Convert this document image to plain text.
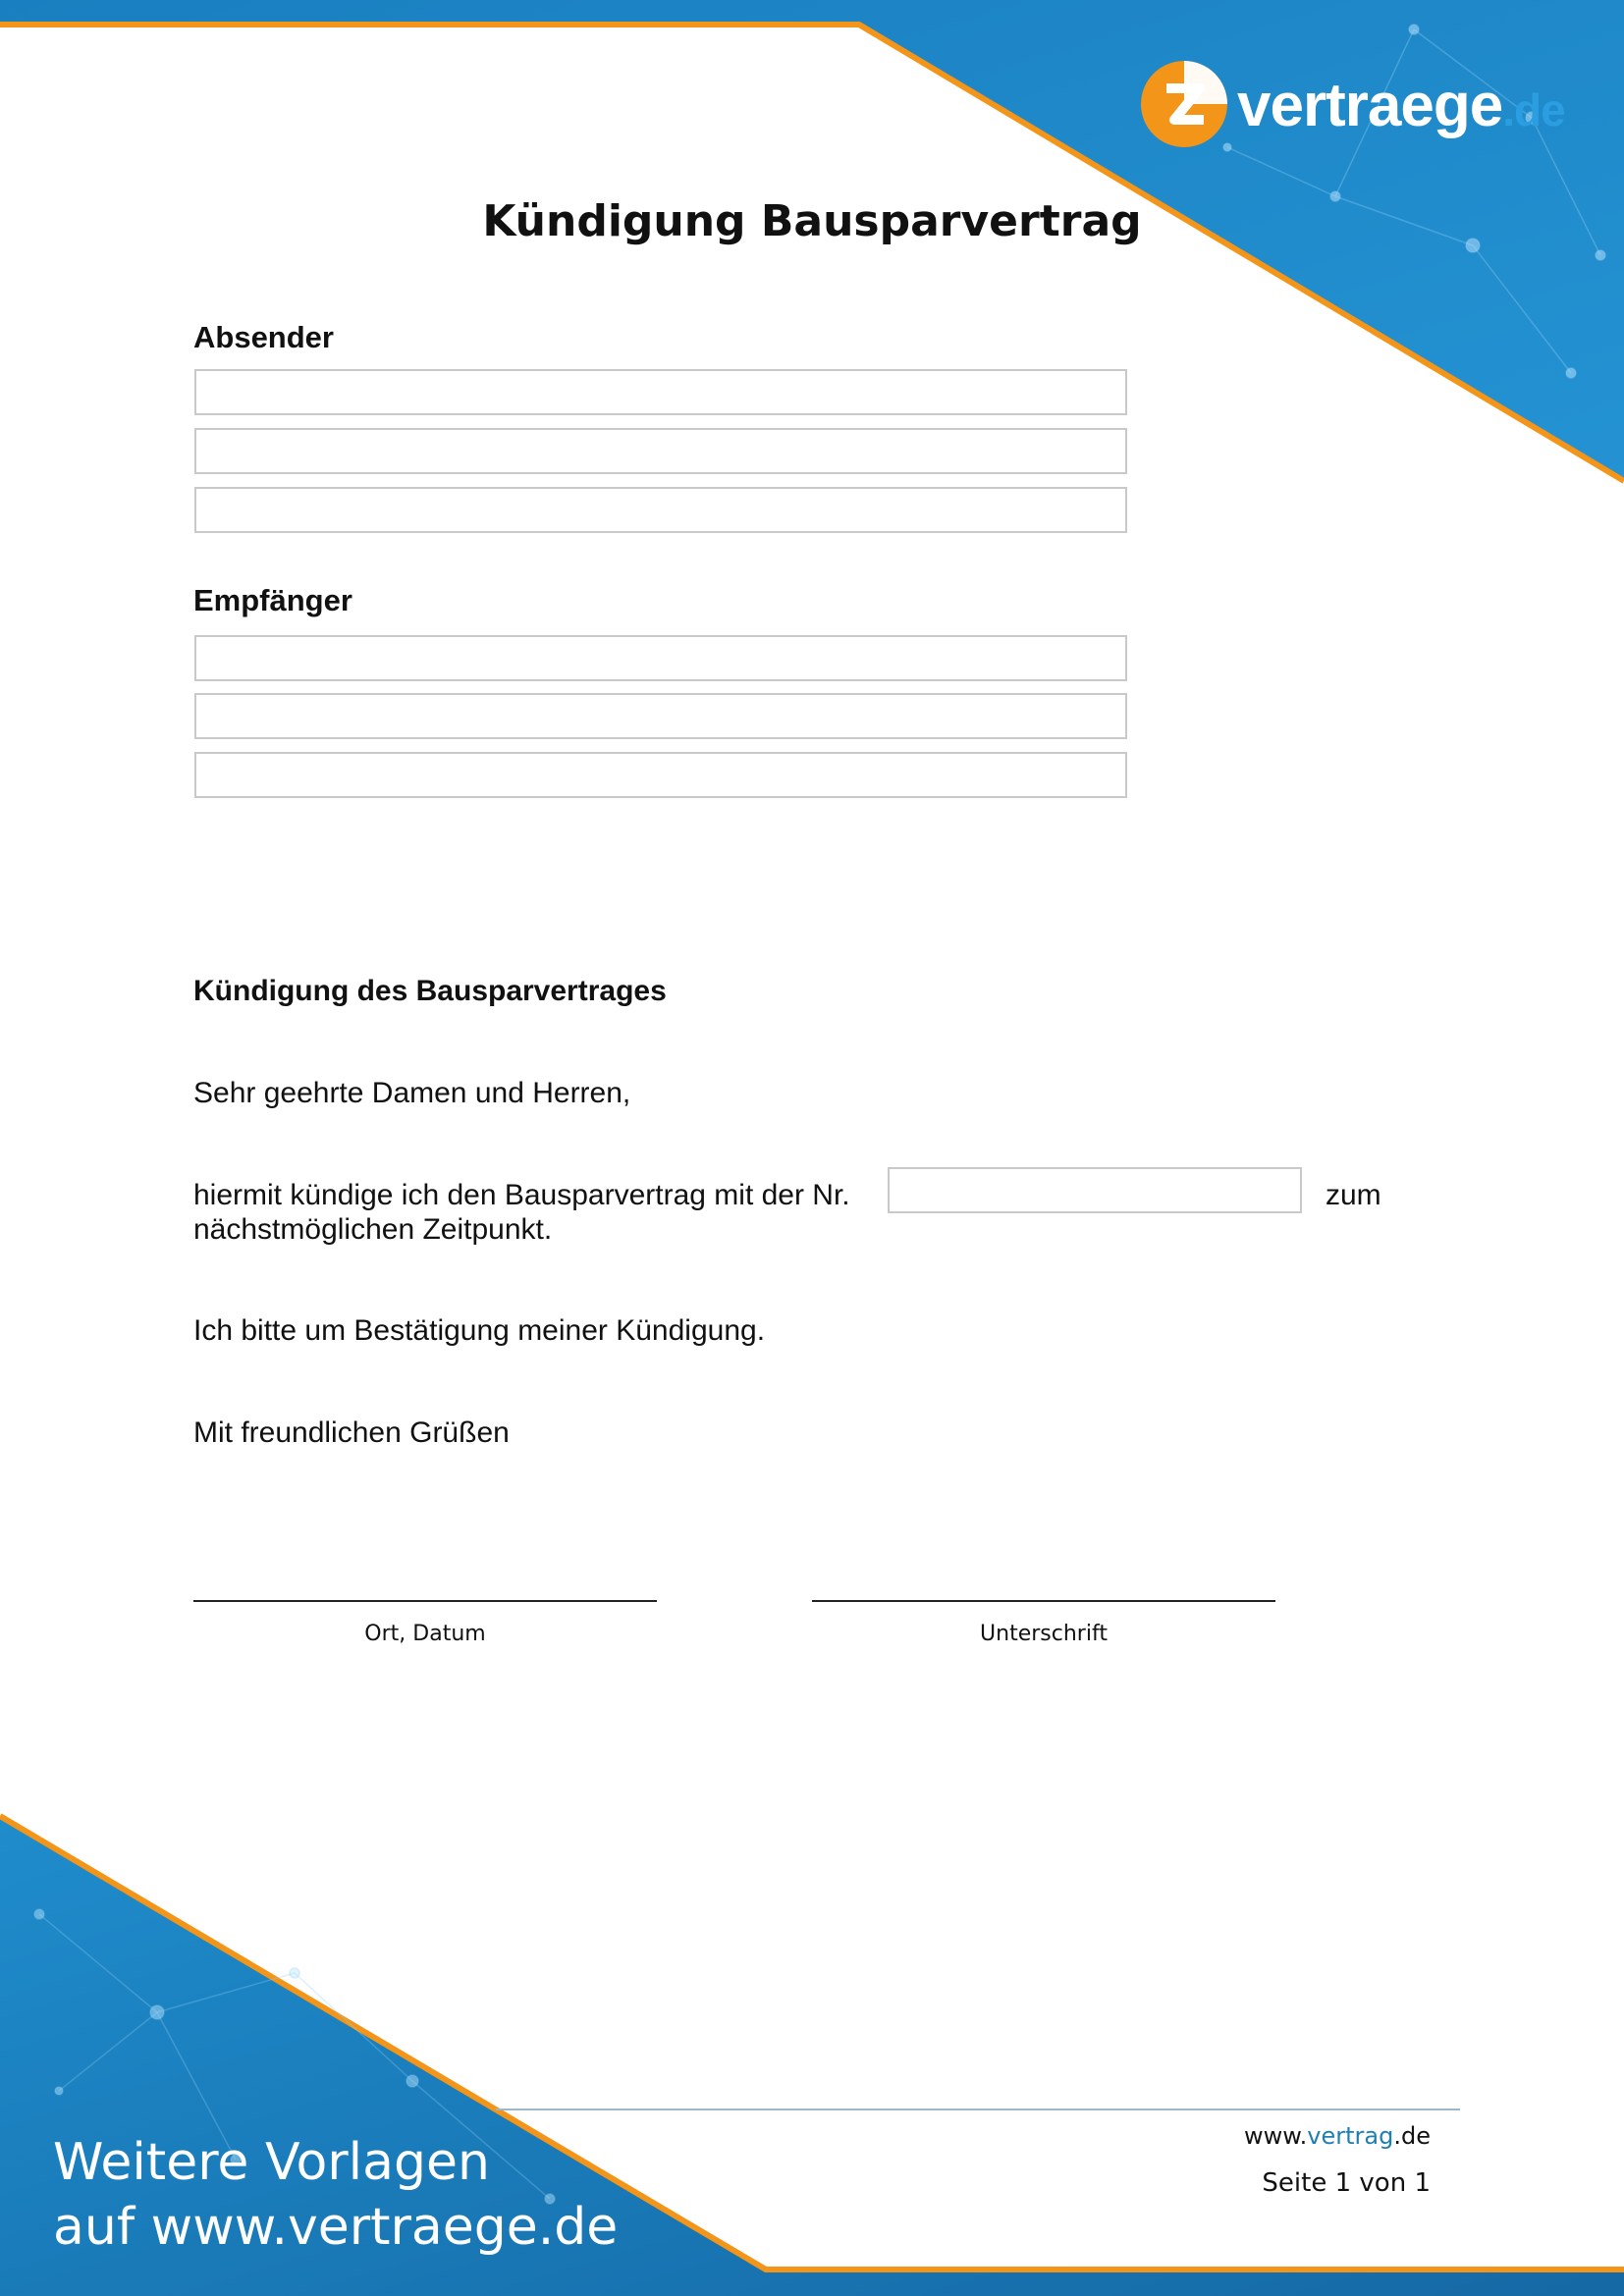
vertraege.de
Kündigung Bausparvertrag
Absender
Empfänger
Kündigung des Bausparvertrages
Sehr geehrte Damen und Herren,
hiermit kündige ich den Bausparvertrag mit der Nr.	zum
nächstmöglichen Zeitpunkt.
Ich bitte um Bestätigung meiner Kündigung.
Mit freundlichen Grüßen
Ort, Datum	Unterschrift
www.vertrag.de
Seite 1 von 1
Weitere Vorlagen
auf www.vertraege.de
